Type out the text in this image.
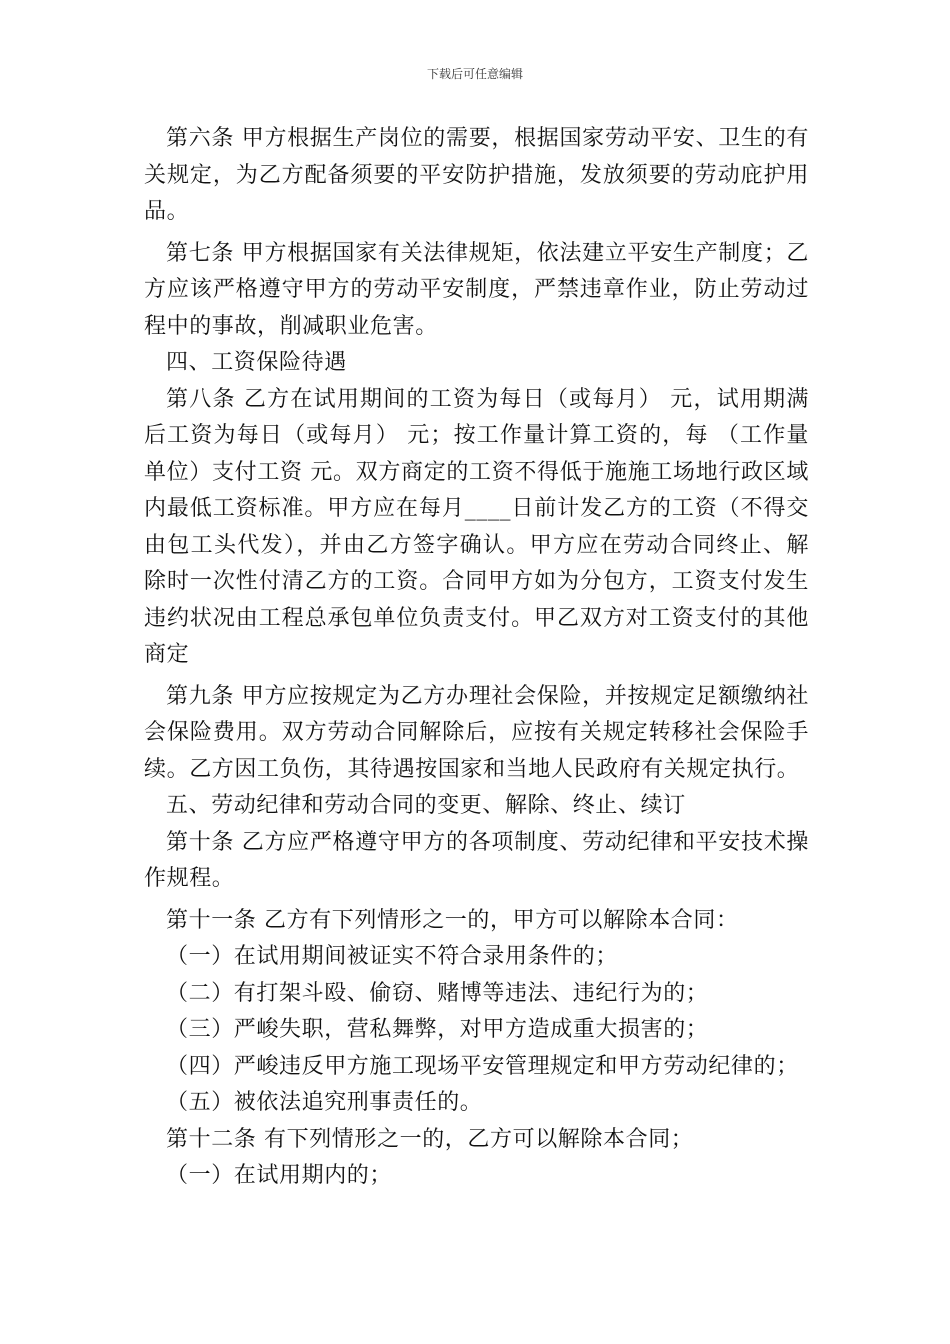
下载后可任意编辑

第六条 甲方根据生产岗位的需要，根据国家劳动平安、卫生的有关规定，为乙方配备须要的平安防护措施，发放须要的劳动庇护用品。

第七条 甲方根据国家有关法律规矩，依法建立平安生产制度；乙方应该严格遵守甲方的劳动平安制度，严禁违章作业，防止劳动过程中的事故，削减职业危害。

四、工资保险待遇

第八条 乙方在试用期间的工资为每日（或每月） 元，试用期满后工资为每日（或每月） 元；按工作量计算工资的，每 （工作量单位）支付工资 元。双方商定的工资不得低于施施工场地行政区域内最低工资标准。甲方应在每月____日前计发乙方的工资（不得交由包工头代发），并由乙方签字确认。甲方应在劳动合同终止、解除时一次性付清乙方的工资。合同甲方如为分包方，工资支付发生违约状况由工程总承包单位负责支付。甲乙双方对工资支付的其他商定

第九条 甲方应按规定为乙方办理社会保险，并按规定足额缴纳社会保险费用。双方劳动合同解除后，应按有关规定转移社会保险手续。乙方因工负伤，其待遇按国家和当地人民政府有关规定执行。

五、劳动纪律和劳动合同的变更、解除、终止、续订

第十条 乙方应严格遵守甲方的各项制度、劳动纪律和平安技术操作规程。

第十一条 乙方有下列情形之一的，甲方可以解除本合同：

（一）在试用期间被证实不符合录用条件的；

（二）有打架斗殴、偷窃、赌博等违法、违纪行为的；

（三）严峻失职，营私舞弊，对甲方造成重大损害的；

（四）严峻违反甲方施工现场平安管理规定和甲方劳动纪律的；

（五）被依法追究刑事责任的。

第十二条 有下列情形之一的，乙方可以解除本合同；

（一）在试用期内的；
